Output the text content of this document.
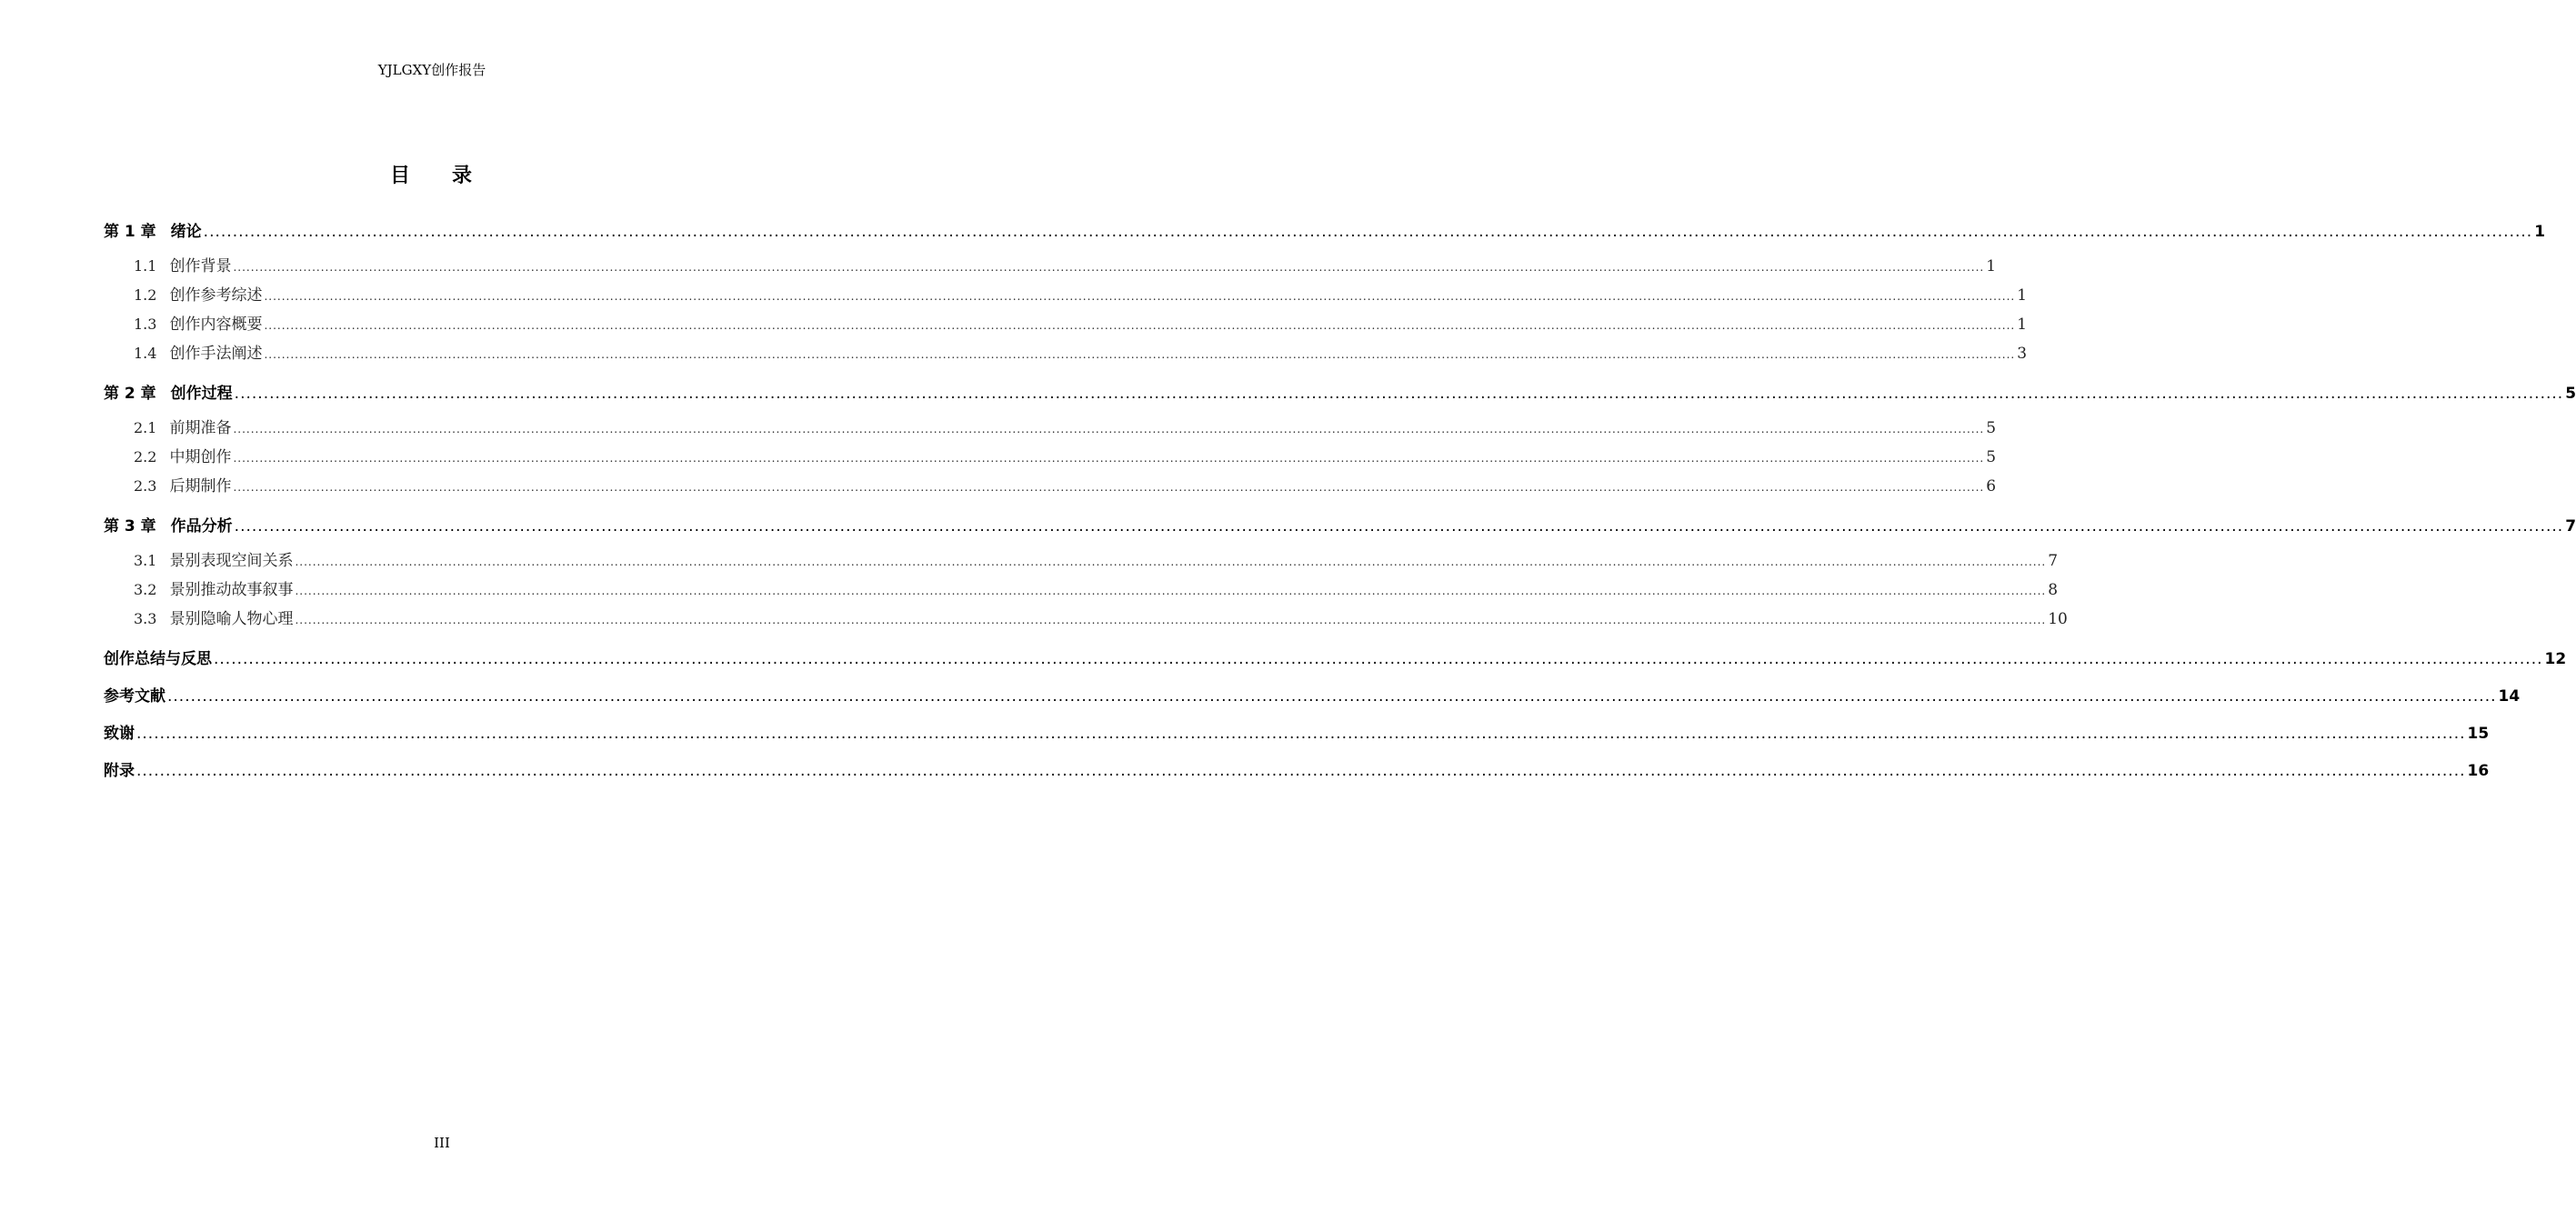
YJLGXY创作报告
目 录
第 1 章 绪论 ................................................................................................................................................................................................................................................................................................................................................................................................................ 1
1.1 创作背景 ................................................................................................................................................................................................................................................................................................................................................................................................................ 1
1.2 创作参考综述 ................................................................................................................................................................................................................................................................................................................................................................................................................ 1
1.3 创作内容概要 ................................................................................................................................................................................................................................................................................................................................................................................................................ 1
1.4 创作手法阐述 ................................................................................................................................................................................................................................................................................................................................................................................................................ 3
第 2 章 创作过程 ................................................................................................................................................................................................................................................................................................................................................................................................................ 5
2.1 前期准备 ................................................................................................................................................................................................................................................................................................................................................................................................................ 5
2.2 中期创作 ................................................................................................................................................................................................................................................................................................................................................................................................................ 5
2.3 后期制作 ................................................................................................................................................................................................................................................................................................................................................................................................................ 6
第 3 章 作品分析 ................................................................................................................................................................................................................................................................................................................................................................................................................ 7
3.1 景别表现空间关系 ................................................................................................................................................................................................................................................................................................................................................................................................................ 7
3.2 景别推动故事叙事 ................................................................................................................................................................................................................................................................................................................................................................................................................ 8
3.3 景别隐喻人物心理 ................................................................................................................................................................................................................................................................................................................................................................................................................ 10
创作总结与反思 ................................................................................................................................................................................................................................................................................................................................................................................................................ 12
参考文献 ................................................................................................................................................................................................................................................................................................................................................................................................................ 14
致谢 ................................................................................................................................................................................................................................................................................................................................................................................................................ 15
附录 ................................................................................................................................................................................................................................................................................................................................................................................................................ 16
III
